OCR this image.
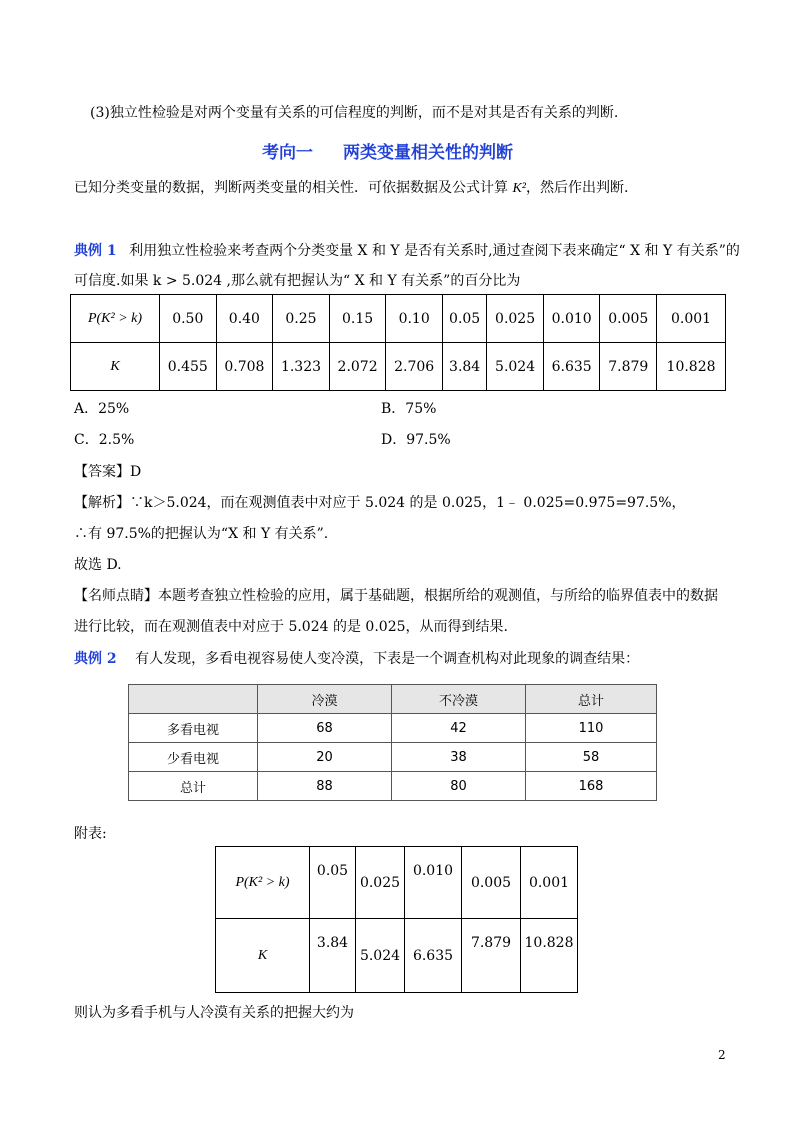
(3)独立性检验是对两个变量有关系的可信程度的判断，而不是对其是否有关系的判断.
考向一 两类变量相关性的判断
已知分类变量的数据，判断两类变量的相关性．可依据数据及公式计算 K²，然后作出判断.
典例 1 利用独立性检验来考查两个分类变量 X 和 Y 是否有关系时,通过查阅下表来确定“ X 和 Y 有关系”的
可信度.如果 k > 5.024 ,那么就有把握认为“ X 和 Y 有关系”的百分比为
P(K² > k)	0.50	0.40	0.25	0.15	0.10	0.05	0.025	0.010	0.005	0.001
K	0.455	0.708	1.323	2.072	2.706	3.84	5.024	6.635	7.879	10.828
A．25%	B．75%
C．2.5%	D．97.5%
【答案】D
【解析】∵k＞5.024，而在观测值表中对应于 5.024 的是 0.025，1﹣ 0.025=0.975=97.5%，
∴有 97.5%的把握认为“X 和 Y 有关系”.
故选 D.
【名师点睛】本题考查独立性检验的应用，属于基础题，根据所给的观测值，与所给的临界值表中的数据
进行比较，而在观测值表中对应于 5.024 的是 0.025，从而得到结果.
典例 2 有人发现，多看电视容易使人变冷漠，下表是一个调查机构对此现象的调查结果：
	冷漠	不冷漠	总计
多看电视	68	42	110
少看电视	20	38	58
总计	88	80	168
附表:
P(K² > k)	0.05	0.025	0.010	0.005	0.001
K	3.84	5.024	6.635	7.879	10.828
则认为多看手机与人冷漠有关系的把握大约为
2
